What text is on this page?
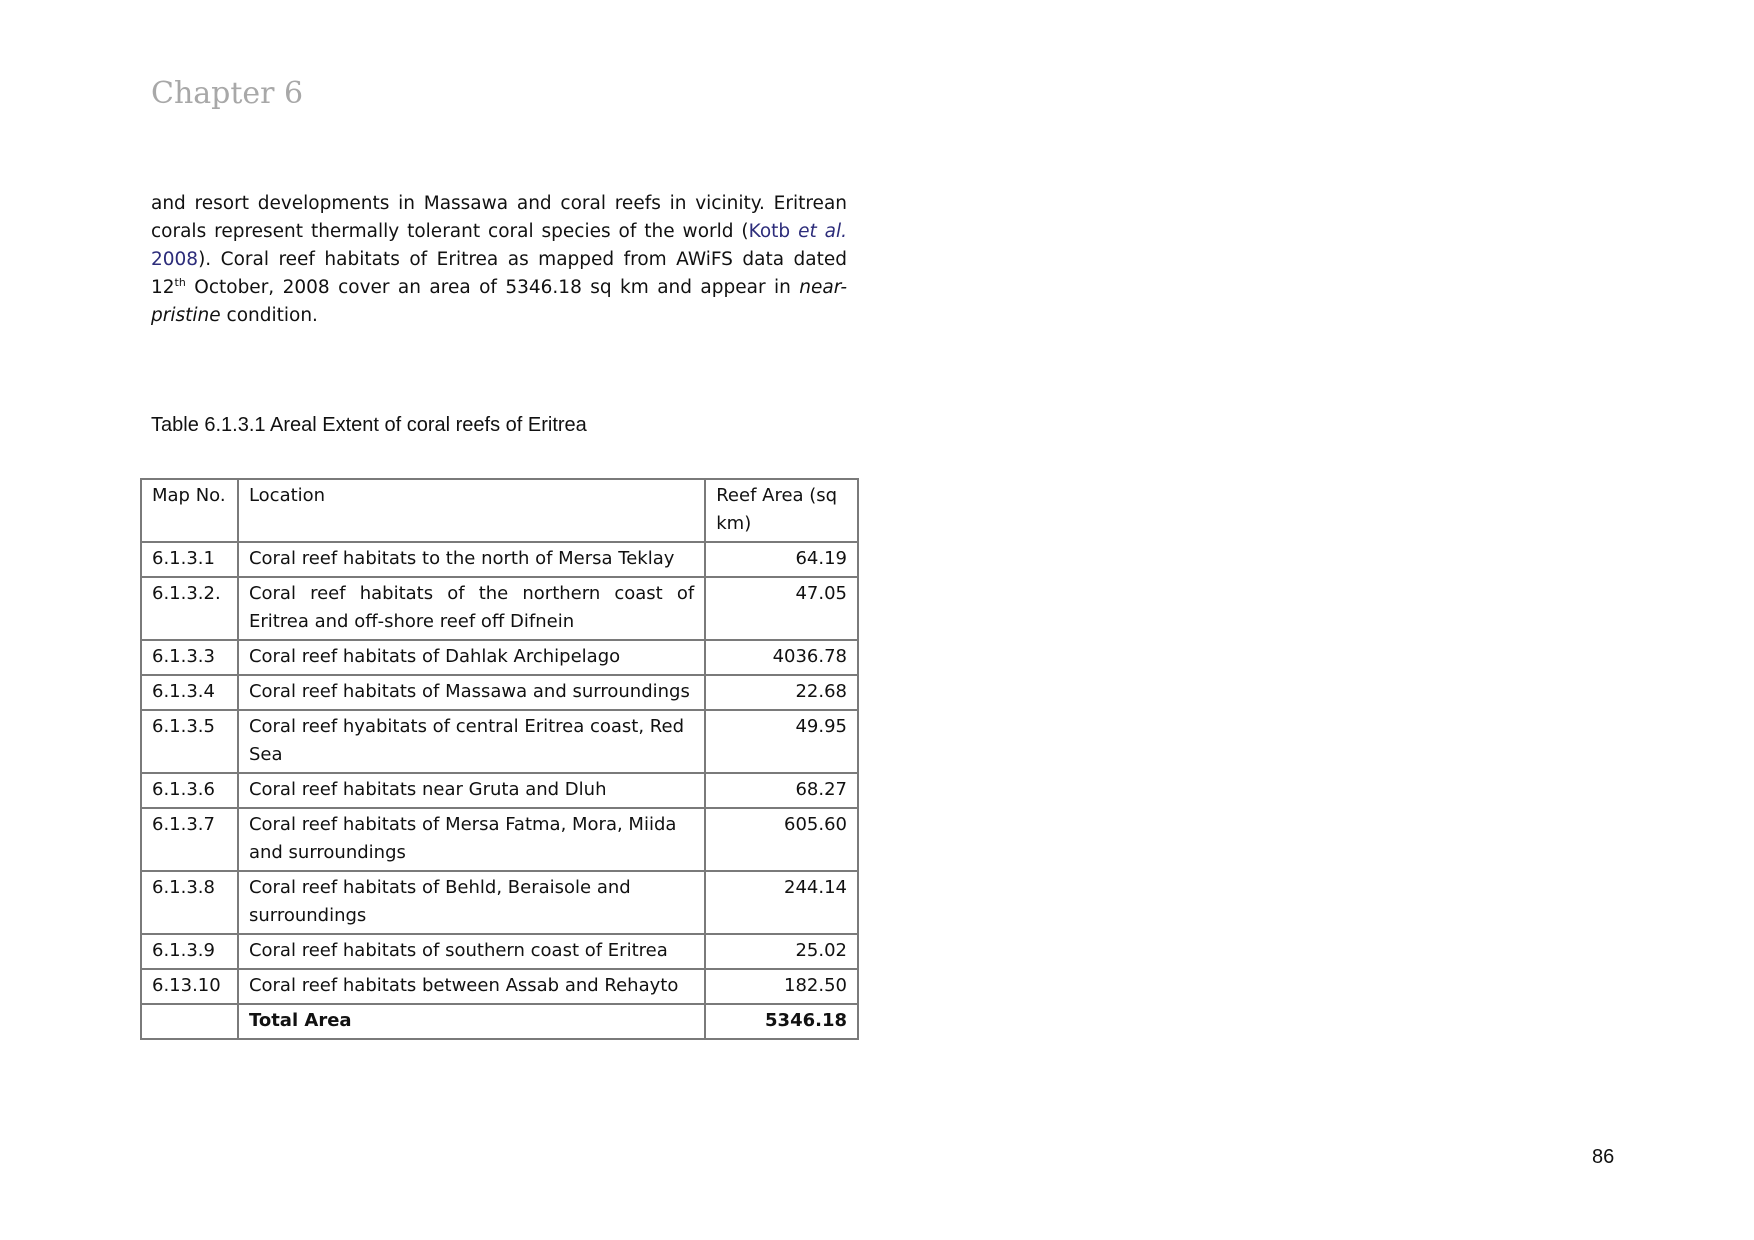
Chapter 6

and resort developments in Massawa and coral reefs in vicinity. Eritrean corals represent thermally tolerant coral species of the world (Kotb et al. 2008). Coral reef habitats of Eritrea as mapped from AWiFS data dated 12th October, 2008 cover an area of 5346.18 sq km and appear in near-pristine condition.

Table 6.1.3.1 Areal Extent of coral reefs of Eritrea

Map No.	Location	Reef Area (sq km)
6.1.3.1	Coral reef habitats to the north of Mersa Teklay	64.19
6.1.3.2.	Coral reef habitats of the northern coast of Eritrea and off-shore reef off Difnein	47.05
6.1.3.3	Coral reef habitats of Dahlak Archipelago	4036.78
6.1.3.4	Coral reef habitats of Massawa and surroundings	22.68
6.1.3.5	Coral reef hyabitats of central Eritrea coast, Red Sea	49.95
6.1.3.6	Coral reef habitats near Gruta and Dluh	68.27
6.1.3.7	Coral reef habitats of Mersa Fatma, Mora, Miida and surroundings	605.60
6.1.3.8	Coral reef habitats of Behld, Beraisole and surroundings	244.14
6.1.3.9	Coral reef habitats of southern coast of Eritrea	25.02
6.13.10	Coral reef habitats between Assab and Rehayto	182.50
	Total Area	5346.18
86
